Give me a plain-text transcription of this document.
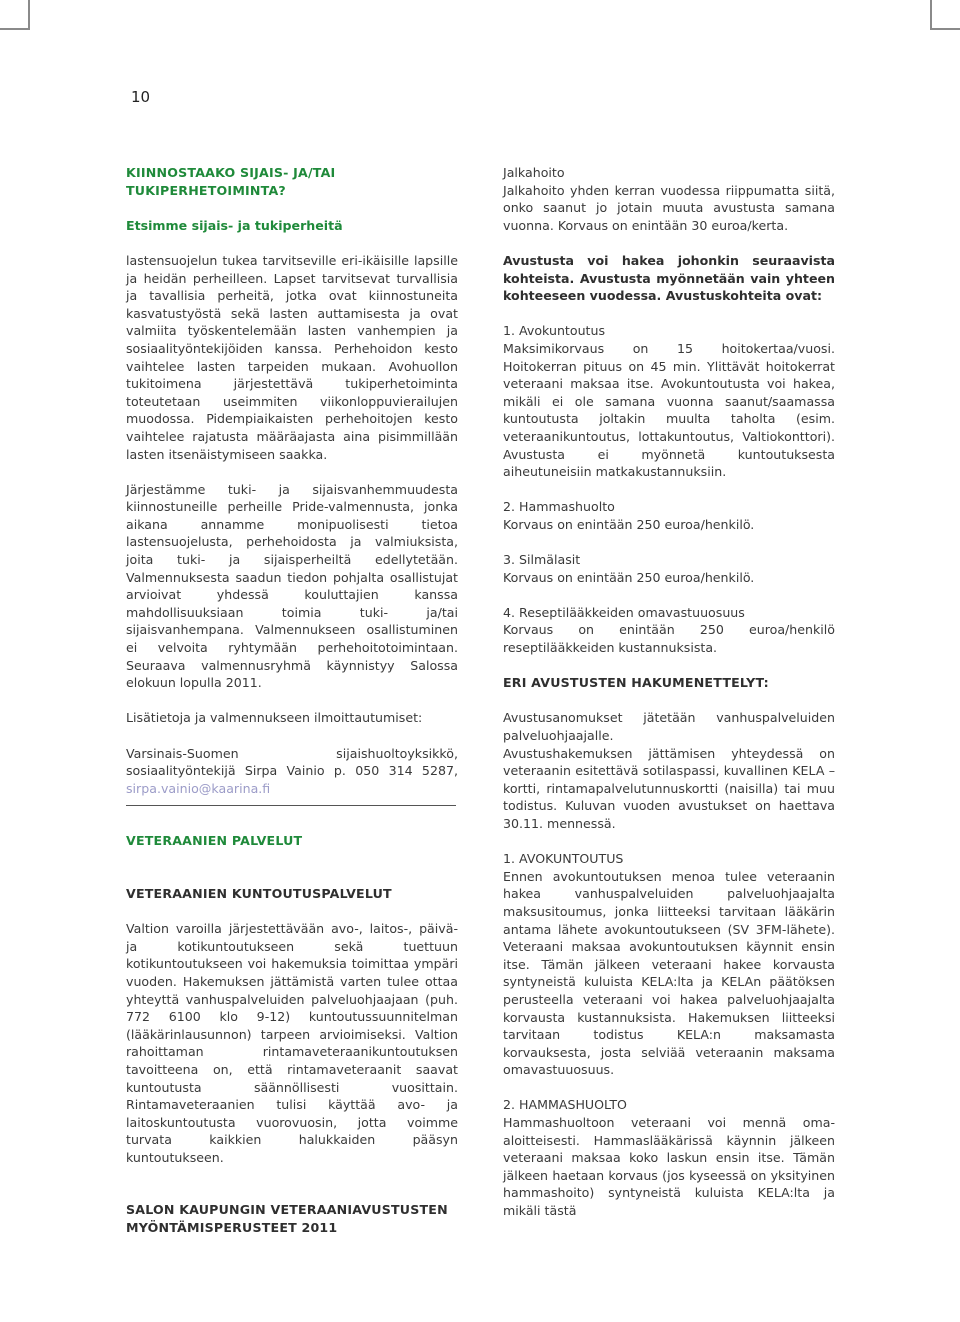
10
KIINNOSTAAKO SIJAIS- JA/TAI TUKIPERHETOIMINTA?
Etsimme sijais- ja tukiperheitä

lastensuojelun tukea tarvitseville eri-ikäisille lapsille ja heidän perheilleen. Lapset tarvitsevat turvallisia ja tavallisia perheitä, jotka ovat kiinnostuneita kasvatustyöstä sekä lasten auttamisesta ja ovat valmiita työskentelemään lasten vanhempien ja sosiaalityöntekijöiden kanssa. Perhehoidon kesto vaihtelee lasten tarpeiden mukaan. Avohuollon tukitoimena järjestettävä tukiperhetoiminta toteutetaan useimmiten viikonloppuvierailujen muodossa. Pidempiaikaisten perhehoitojen kesto vaihtelee rajatusta määräajasta aina pisimmillään lasten itsenäistymiseen saakka.

Järjestämme tuki- ja sijaisvanhemmuudesta kiinnostuneille perheille Pride-valmennusta, jonka aikana annamme monipuolisesti tietoa lastensuojelusta, perhehoidosta ja valmiuksista, joita tuki- ja sijaisperheiltä edellytetään. Valmennuksesta saadun tiedon pohjalta osallistujat arvioivat yhdessä kouluttajien kanssa mahdollisuuksiaan toimia tuki- ja/tai sijaisvanhempana. Valmennukseen osallistuminen ei velvoita ryhtymään perhehoitotoimintaan. Seuraava valmennusryhmä käynnistyy Salossa elokuun lopulla 2011.

Lisätietoja ja valmennukseen ilmoittautumiset:

Varsinais-Suomen sijaishuoltoyksikkö, sosiaalityöntekijä Sirpa Vainio p. 050 314 5287, sirpa.vainio@kaarina.fi

VETERAANIEN PALVELUT
VETERAANIEN KUNTOUTUSPALVELUT

Valtion varoilla järjestettävään avo-, laitos-, päivä- ja kotikuntoutukseen sekä tuettuun kotikuntoutukseen voi hakemuksia toimittaa ympäri vuoden. Hakemuksen jättämistä varten tulee ottaa yhteyttä vanhuspalveluiden palveluohjaajaan (puh. 772 6100 klo 9-12) kuntoutussuunnitelman (lääkärinlausunnon) tarpeen arvioimiseksi. Valtion rahoittaman rintamaveteraanikuntoutuksen tavoitteena on, että rintamaveteraanit saavat kuntoutusta säännöllisesti vuosittain. Rintamaveteraanien tulisi käyttää avo- ja laitoskuntoutusta vuorovuosin, jotta voimme turvata kaikkien halukkaiden pääsyn kuntoutukseen.

SALON KAUPUNGIN VETERAANIAVUSTUSTEN MYÖNTÄMISPERUSTEET 2011
Jalkahoito

Jalkahoito yhden kerran vuodessa riippumatta siitä, onko saanut jo jotain muuta avustusta samana vuonna. Korvaus on enintään 30 euroa/kerta.

Avustusta voi hakea johonkin seuraavista kohteista. Avustusta myönnetään vain yhteen kohteeseen vuodessa. Avustuskohteita ovat:

1. Avokuntoutus

Maksimikorvaus on 15 hoitokertaa/vuosi. Hoitokerran pituus on 45 min. Ylittävät hoitokerrat veteraani maksaa itse. Avokuntoutusta voi hakea, mikäli ei ole samana vuonna saanut/saamassa kuntoutusta joltakin muulta taholta (esim. veteraanikuntoutus, lottakuntoutus, Valtiokonttori). Avustusta ei myönnetä kuntoutuksesta aiheutuneisiin matkakustannuksiin.

2. Hammashuolto

Korvaus on enintään 250 euroa/henkilö.

3. Silmälasit

Korvaus on enintään 250 euroa/henkilö.

4. Reseptilääkkeiden omavastuuosuus

Korvaus on enintään 250 euroa/henkilö reseptilääkkeiden kustannuksista.

ERI AVUSTUSTEN HAKUMENETTELYT:

Avustusanomukset jätetään vanhuspalveluiden palveluohjaajalle.

Avustushakemuksen jättämisen yhteydessä on veteraanin esitettävä sotilaspassi, kuvallinen KELA –kortti, rintamapalvelutunnuskortti (naisilla) tai muu todistus. Kuluvan vuoden avustukset on haettava 30.11. mennessä.

1. AVOKUNTOUTUS

Ennen avokuntoutuksen menoa tulee veteraanin hakea vanhuspalveluiden palveluohjaajalta maksusitoumus, jonka liitteeksi tarvitaan lääkärin antama lähete avokuntoutukseen (SV 3FM-lähete). Veteraani maksaa avokuntoutuksen käynnit ensin itse. Tämän jälkeen veteraani hakee korvausta syntyneistä kuluista KELA:lta ja KELAn päätöksen perusteella veteraani voi hakea palveluohjaajalta korvausta kustannuksista. Hakemuksen liitteeksi tarvitaan todistus KELA:n maksamasta korvauksesta, josta selviää veteraanin maksama omavastuuosuus.

2. HAMMASHUOLTO

Hammashuoltoon veteraani voi mennä oma-aloitteisesti. Hammaslääkärissä käynnin jälkeen veteraani maksaa koko laskun ensin itse. Tämän jälkeen haetaan korvaus (jos kyseessä on yksityinen hammashoito) syntyneistä kuluista KELA:lta ja mikäli tästä
